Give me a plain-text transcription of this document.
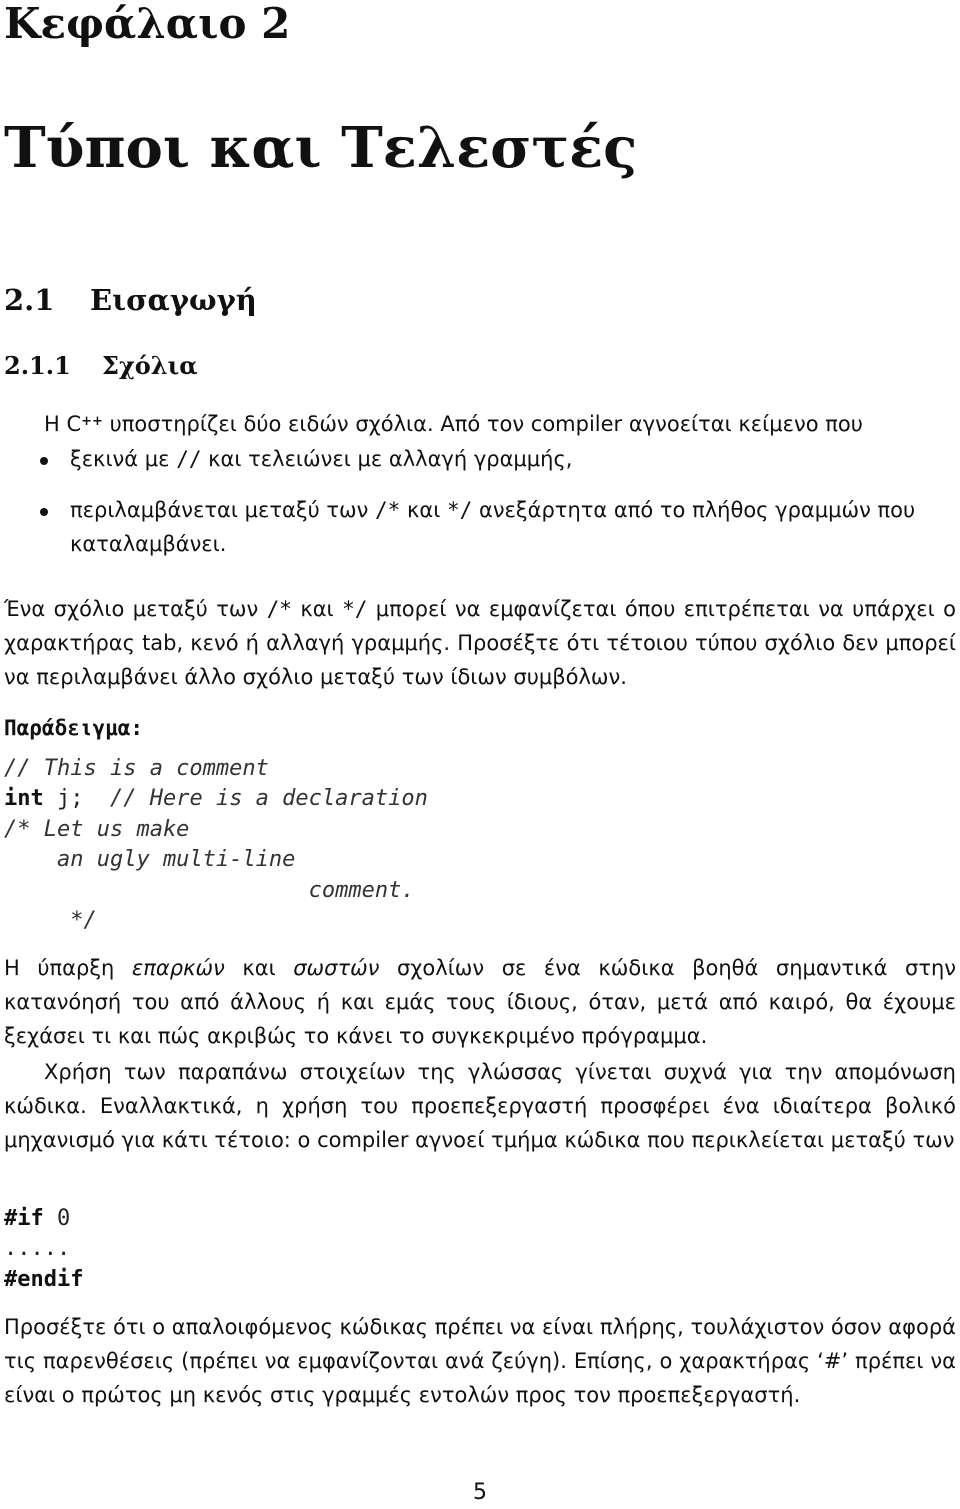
Κεφάλαιο 2
Τύποι και Τελεστές
2.1 Εισαγωγή
2.1.1 Σχόλια

Η C++ υποστηρίζει δύο ειδών σχόλια. Από τον compiler αγνοείται κείμενο που

ξεκινά με // και τελειώνει με αλλαγή γραμμής,
περιλαμβάνεται μεταξύ των /* και */ ανεξάρτητα από το πλήθος γραμμών που καταλαμβάνει.

Ένα σχόλιο μεταξύ των /* και */ μπορεί να εμφανίζεται όπου επιτρέπεται να υπάρχει ο χαρακτήρας tab, κενό ή αλλαγή γραμμής. Προσέξτε ότι τέτοιου τύπου σχόλιο δεν μπορεί να περιλαμβάνει άλλο σχόλιο μεταξύ των ίδιων συμβόλων.

Παράδειγμα:
// This is a comment
int j;  // Here is a declaration
/* Let us make
an ugly multi-line
comment.
*/

Η ύπαρξη επαρκών και σωστών σχολίων σε ένα κώδικα βοηθά σημαντικά στην κατανόησή του από άλλους ή και εμάς τους ίδιους, όταν, μετά από καιρό, θα έχουμε ξεχάσει τι και πώς ακριβώς το κάνει το συγκεκριμένο πρόγραμμα.

Χρήση των παραπάνω στοιχείων της γλώσσας γίνεται συχνά για την απομόνωση κώδικα. Εναλλακτικά, η χρήση του προεπεξεργαστή προσφέρει ένα ιδιαίτερα βολικό μηχανισμό για κάτι τέτοιο: ο compiler αγνοεί τμήμα κώδικα που περικλείεται μεταξύ των

#if 0
.....
#endif

Προσέξτε ότι ο απαλοιφόμενος κώδικας πρέπει να είναι πλήρης, τουλάχιστον όσον αφορά τις παρενθέσεις (πρέπει να εμφανίζονται ανά ζεύγη). Επίσης, ο χαρακτήρας ‘#’ πρέπει να είναι ο πρώτος μη κενός στις γραμμές εντολών προς τον προεπεξεργαστή.

5
